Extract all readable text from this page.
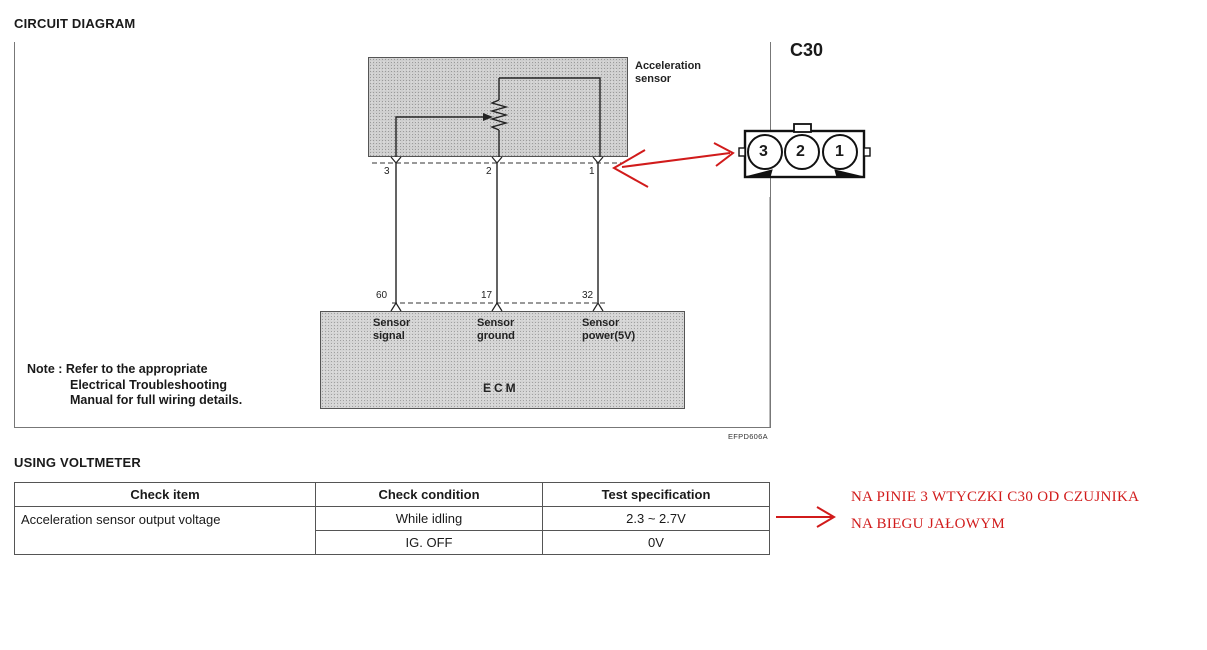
CIRCUIT DIAGRAM
Acceleration
sensor
3	2	1
60	17	32
Sensor
signal
Sensor
ground
Sensor
power(5V)
ECM
Note : Refer to the appropriate
Electrical Troubleshooting
Manual for full wiring details.
EFPD606A
C30
3 2 1
USING VOLTMETER
Check item	Check condition	Test specification
Acceleration sensor output voltage	While idling	2.3 ~ 2.7V
	IG. OFF	0V
NA PINIE 3 WTYCZKI C30 OD CZUJNIKA
NA BIEGU JAŁOWYM
